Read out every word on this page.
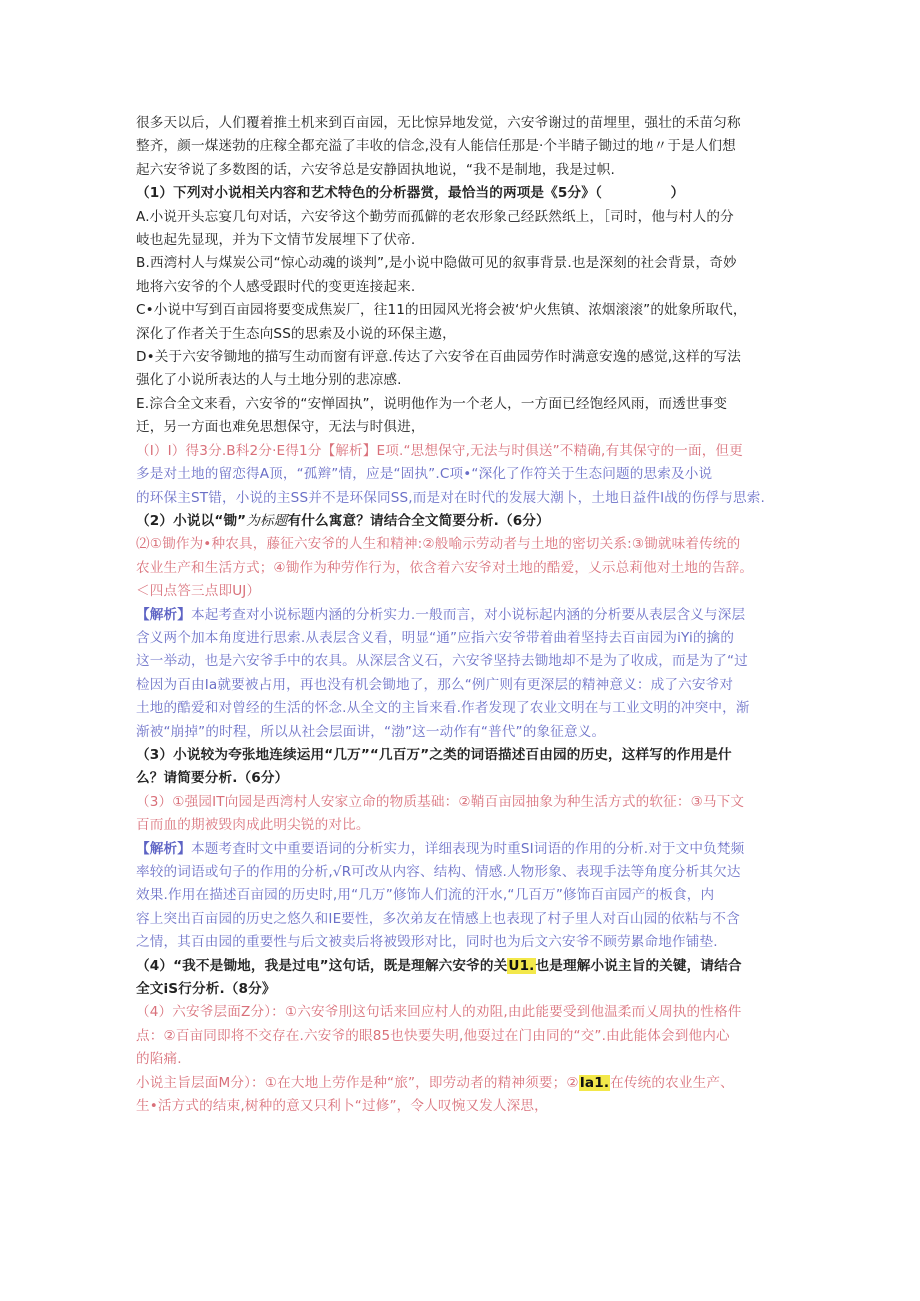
很多天以后，人们覆着推土机来到百亩园，无比惊异地发觉，六安爷谢过的苗埋里，强壮的禾苗匀称
整齐，颜一煤迷勃的庄稼全都充溢了丰收的信念,没有人能信任那是·个半睛子锄过的地〃于是人们想
起六安爷说了多数图的话，六安爷总是安静固执地说，“我不是制地，我是过帜.
（1）下列对小说相关内容和艺术特色的分析器赏，最恰当的两项是《5分》（　　　　　）
A.小说开头忘宴几句对话，六安爷这个勤劳而孤僻的老农形象己经跃然纸上，［司时，他与村人的分
岐也起先显现，并为下文情节发展埋下了伏帝.
B.西湾村人与煤炭公司“惊心动魂的谈判”,是小说中隐做可见的叙事背景.也是深刻的社会背景，奇妙
地将六安爷的个人感受跟时代的变更连接起来.
C•小说中写到百亩园将要变成焦炭厂，往11的田园风光将会被‘炉火焦镇、浓烟滚滚”的妣象所取代，
深化了作者关于生态向SS的思索及小说的环保主遨，
D•关于六安爷锄地的描写生动而窗有评意.传达了六安爷在百曲园劳作时满意安逸的感觉,这样的写法
强化了小说所表达的人与土地分别的悲凉感.
E.淙合全文来看，六安爷的“安惮固执”，说明他作为一个老人，一方面已经饱经风雨，而透世事变
迁，另一方面也难免思想保守，无法与时俱进，
（I）I）得3分.B科2分·E得1分【解析】E项.“思想保守,无法与时俱送”不精确,有其保守的一面，但更
多是对土地的留恋得A顶，“孤辫”情，应是“固执”.C项•“深化了作符关于生态问题的思索及小说
的环保主ST错，小说的主SS并不是环保同SS,而是对在时代的发展大潮卜，土地日益件I战的伤俘与思索.
（2）小说以“锄”为标题有什么寓意？请结合全文简要分析.（6分）
⑵①锄作为•种农具，藤征六安爷的人生和精神:②般喻示劳动者与土地的密切关系:③锄就味着传统的
农业生产和生活方式；④锄作为种劳作行为，依含着六安爷对土地的酷爱，乂示总莉他对土地的告辞。
＜四点答三点即UJ）
【解析】本起考查对小说标题内涵的分析实力.一般而言，对小说标起内涵的分析要从表层含义与深层
含义两个加本角度进行思索.从表层含义看，明显“通”应指六安爷带着曲着坚持去百亩园为iYi的擒的
这一举动，也是六安爷手中的农具。从深层含义石，六安爷坚持去锄地却不是为了收成，而是为了“过
检因为百由Ia就要被占用，再也没有机会锄地了，那么“例广则有更深层的精神意义：成了六安爷对
土地的酷爱和对曾经的生活的怀念.从全文的主旨来看.作者发现了农业文明在与工业文明的冲突中，渐
渐被“崩掉”的时程，所以从社会层面讲，“渤”这一动作有“普代”的象征意义。
（3）小说较为夸张地连续运用“几万”“几百万”之类的词语描述百由园的历史，这样写的作用是什
么？请简要分析.（6分）
（3）①强园IT向园是西湾村人安家立命的物质基础：②鞘百亩园抽象为种生活方式的软征：③马下文
百而血的期被毁肉成此明尖锐的对比。
【解析】本题考査时文中重要语词的分析实力，详细表现为时重SI词语的作用的分析.对于文中负梵频
率较的词语或句子的作用的分析,√R可改从内容、结构、情感.人物形象、表现手法等角度分析其欠达
效果.作用在描述百亩园的历史时,用“几万”修饰人们流的汗水,“几百万”修饰百亩园产的板食，内
容上突出百亩园的历史之悠久和IE要性，多次弟友在情感上也表现了村子里人对百山园的依粘与不含
之情，其百由园的重要性与后文被卖后将被毁形对比，同时也为后文六安爷不顾劳累命地作铺垫.
（4）“我不是锄地，我是过电”这句话，既是理解六安爷的关U1.也是理解小说主旨的关键，请结合
全文iS行分析.（8分》
（4）六安爷层面Z分）：①六安爷刖这句话来回应村人的劝阻,由此能要受到他温柔而乂周执的性格件
点：②百亩同即将不交存在.六安爷的眼85也快要失明,他耍过在门由同的“交”.由此能体会到他内心
的陷痛.
小说主旨层面M分）：①在大地上劳作是种“旅”，即劳动者的精神须要；②Ia1.在传统的农业生产、
生•活方式的结束,树种的意又只利卜“过修”，令人叹惋又发人深思，
